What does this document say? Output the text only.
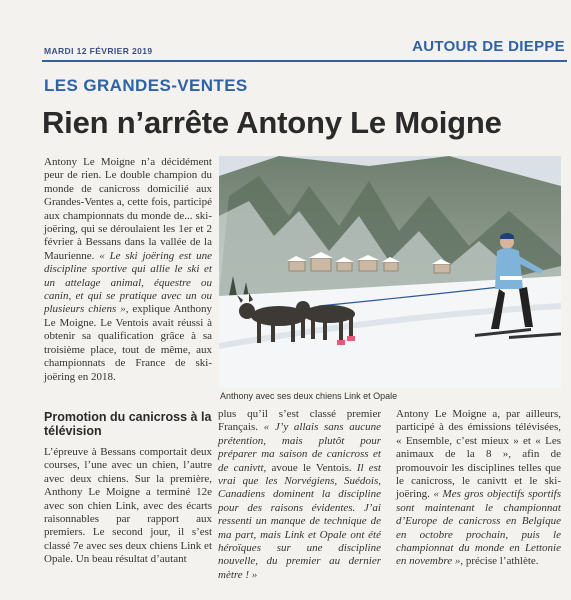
MARDI 12 FÉVRIER 2019	AUTOUR DE DIEPPE
LES GRANDES-VENTES
Rien n’arrête Antony Le Moigne

Antony Le Moigne n’a décidément peur de rien. Le double champion du monde de canicross domicilié aux Grandes-Ventes a, cette fois, participé aux championnats du monde de... ski-joëring, qui se déroulaient les 1er et 2 février à Bessans dans la vallée de la Maurienne. « Le ski joëring est une discipline sportive qui allie le ski et un attelage animal, équestre ou canin, et qui se pratique avec un ou plusieurs chiens », explique Anthony Le Moigne. Le Ventois avait réussi à obtenir sa qualification grâce à sa troisième place, tout de même, aux championnats de France de ski-joëring en 2018.

Promotion du canicross à la télévision

L’épreuve à Bessans comportait deux courses, l’une avec un chien, l’autre avec deux chiens. Sur la première, Anthony Le Moigne a terminé 12e avec son chien Link, avec des écarts raisonnables par rapport aux premiers. Le second jour, il s’est classé 7e avec ses deux chiens Link et Opale. Un beau résultat d’autant

Anthony avec ses deux chiens Link et Opale

plus qu’il s’est classé premier Français. « J’y allais sans aucune prétention, mais plutôt pour préparer ma saison de canicross et de canivtt, avoue le Ventois. Il est vrai que les Norvégiens, Suédois, Canadiens dominent la discipline pour des raisons évidentes. J’ai ressenti un manque de technique de ma part, mais Link et Opale ont été héroïques sur une discipline nouvelle, du premier au dernier mètre ! »

Antony Le Moigne a, par ailleurs, participé à des émissions télévisées, « Ensemble, c’est mieux » et « Les animaux de la 8 », afin de promouvoir les disciplines telles que le canicross, le canivtt et le ski-joëring. « Mes gros objectifs sportifs sont maintenant le championnat d’Europe de canicross en Belgique en octobre prochain, puis le championnat du monde en Lettonie en novembre », précise l’athlète.
